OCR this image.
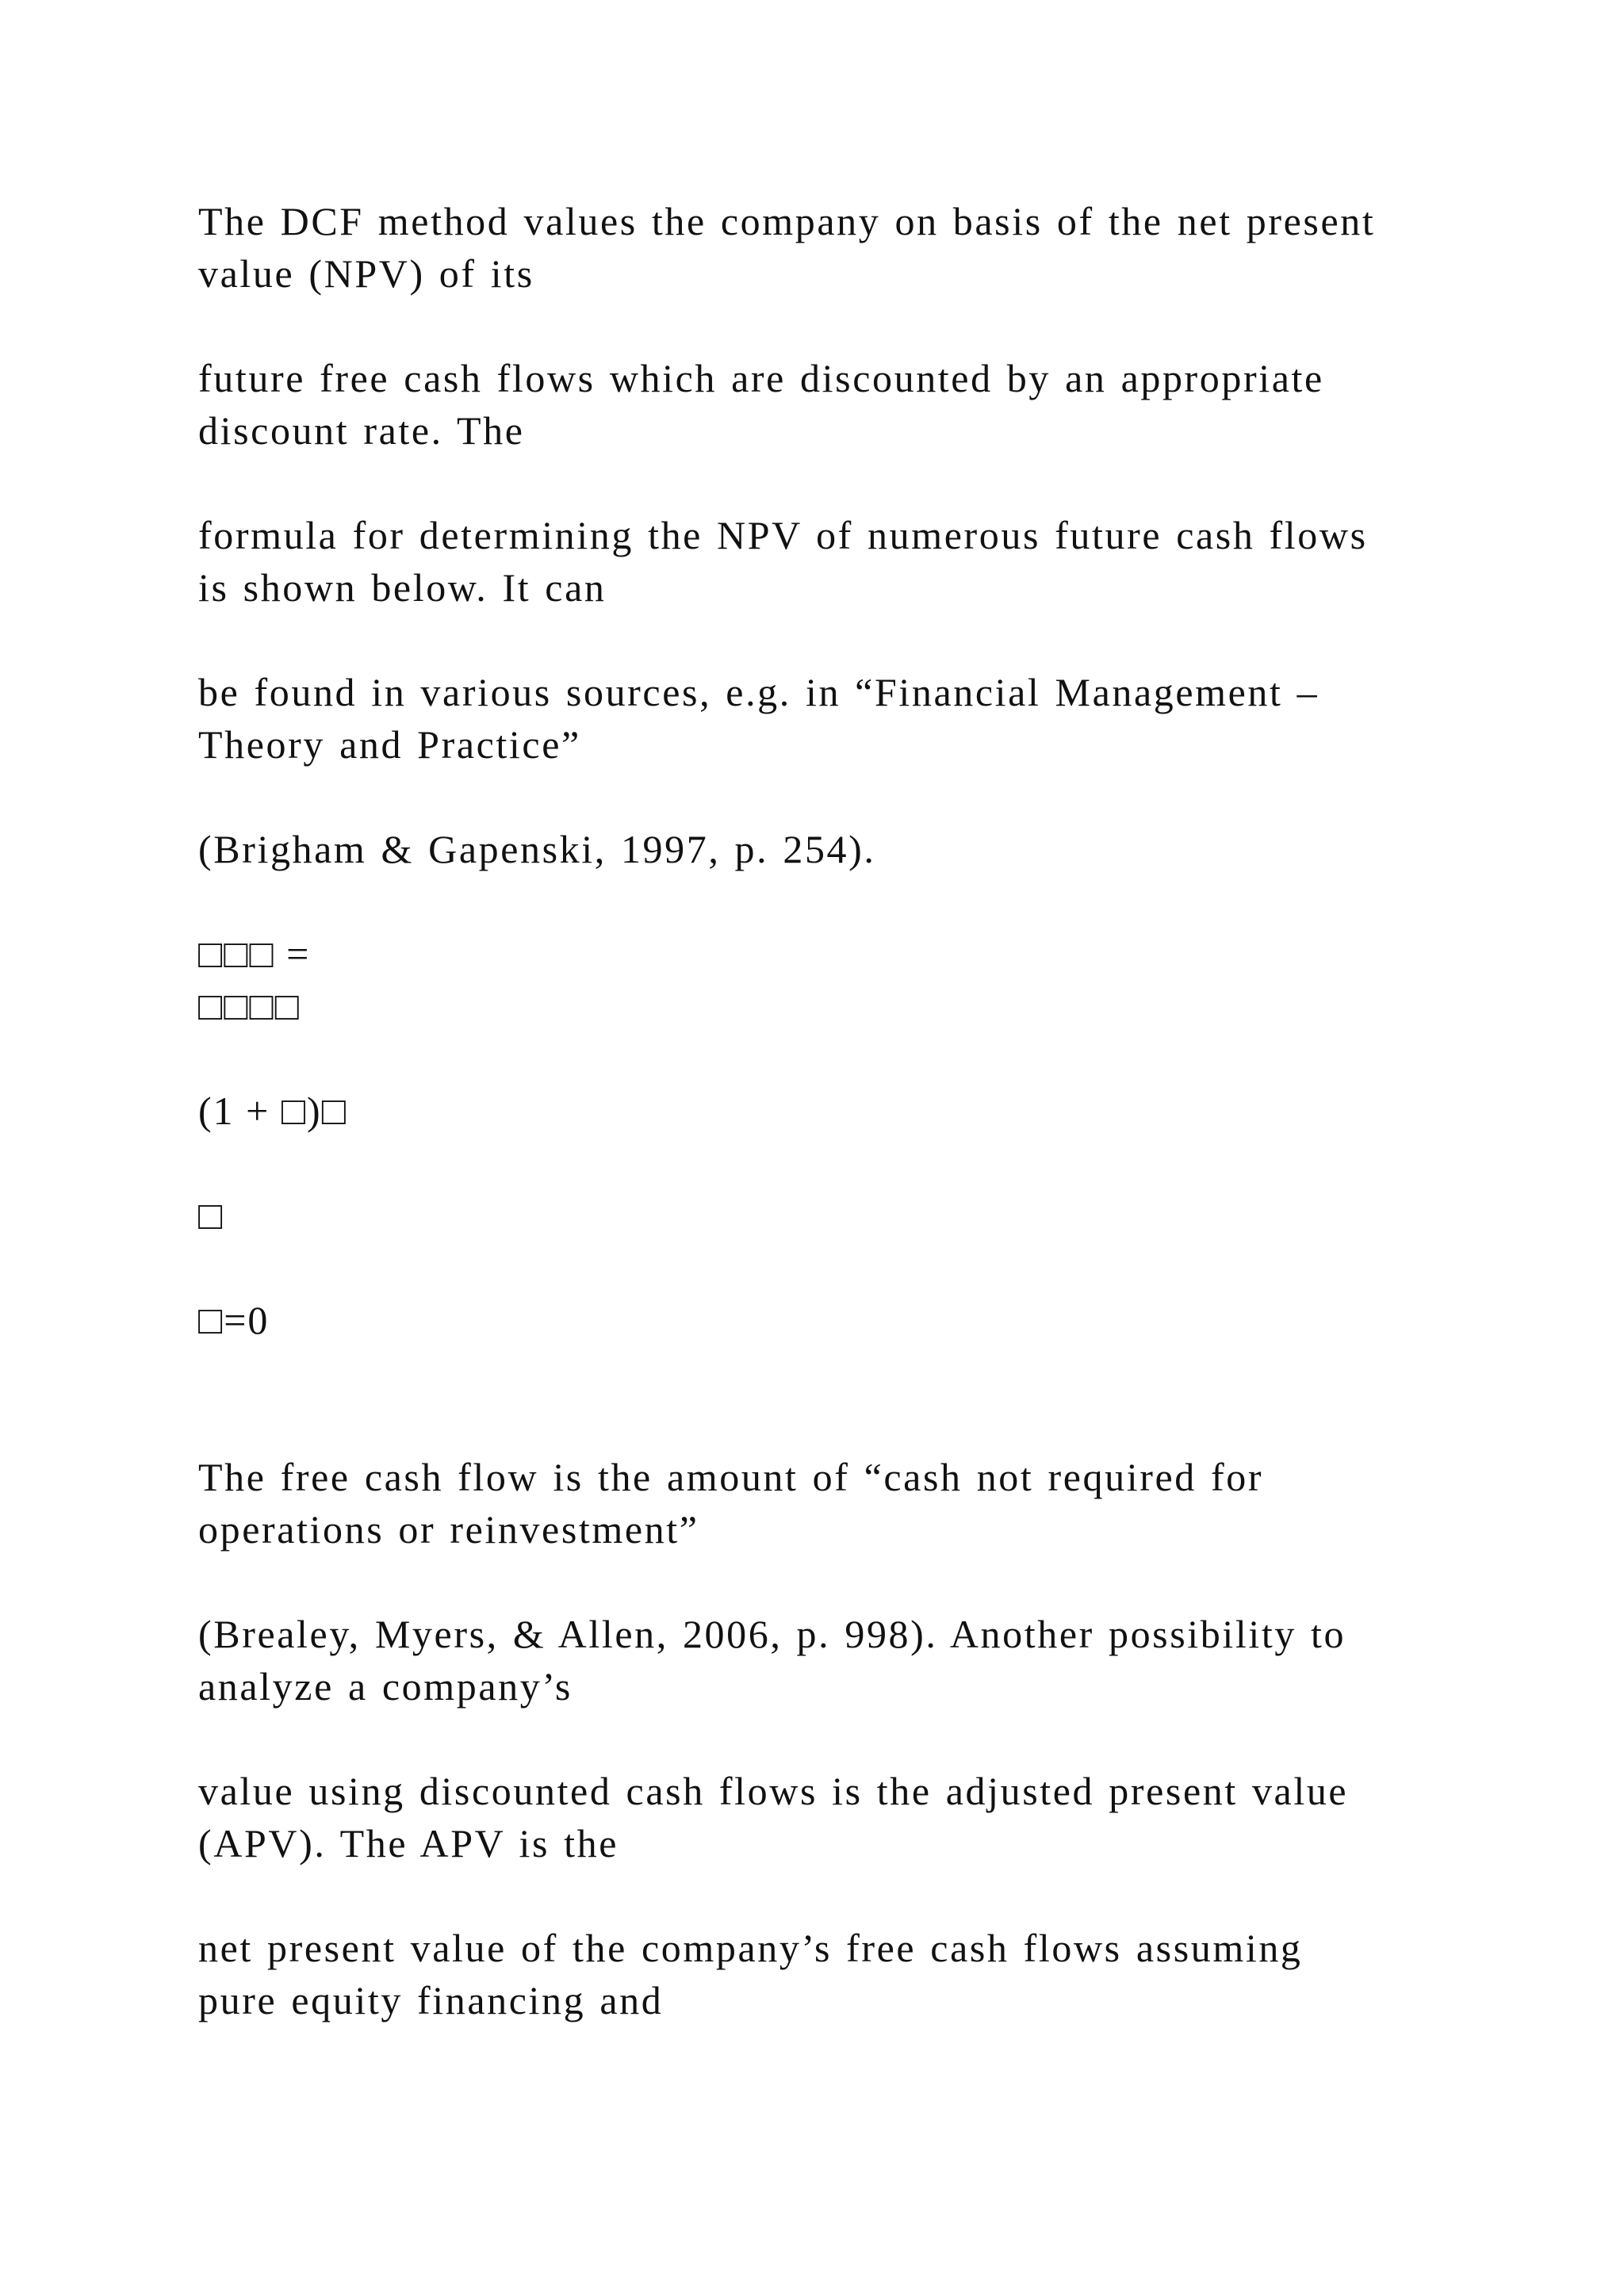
The DCF method values the company on basis of the net present
value (NPV) of its

future free cash flows which are discounted by an appropriate
discount rate. The

formula for determining the NPV of numerous future cash flows
is shown below. It can

be found in various sources, e.g. in “Financial Management –
Theory and Practice”

(Brigham & Gapenski, 1997, p. 254).

□□□ =

□□□□

(1 + □)□

□

□=0

The free cash flow is the amount of “cash not required for
operations or reinvestment”

(Brealey, Myers, & Allen, 2006, p. 998). Another possibility to
analyze a company’s

value using discounted cash flows is the adjusted present value
(APV). The APV is the

net present value of the company’s free cash flows assuming
pure equity financing and
